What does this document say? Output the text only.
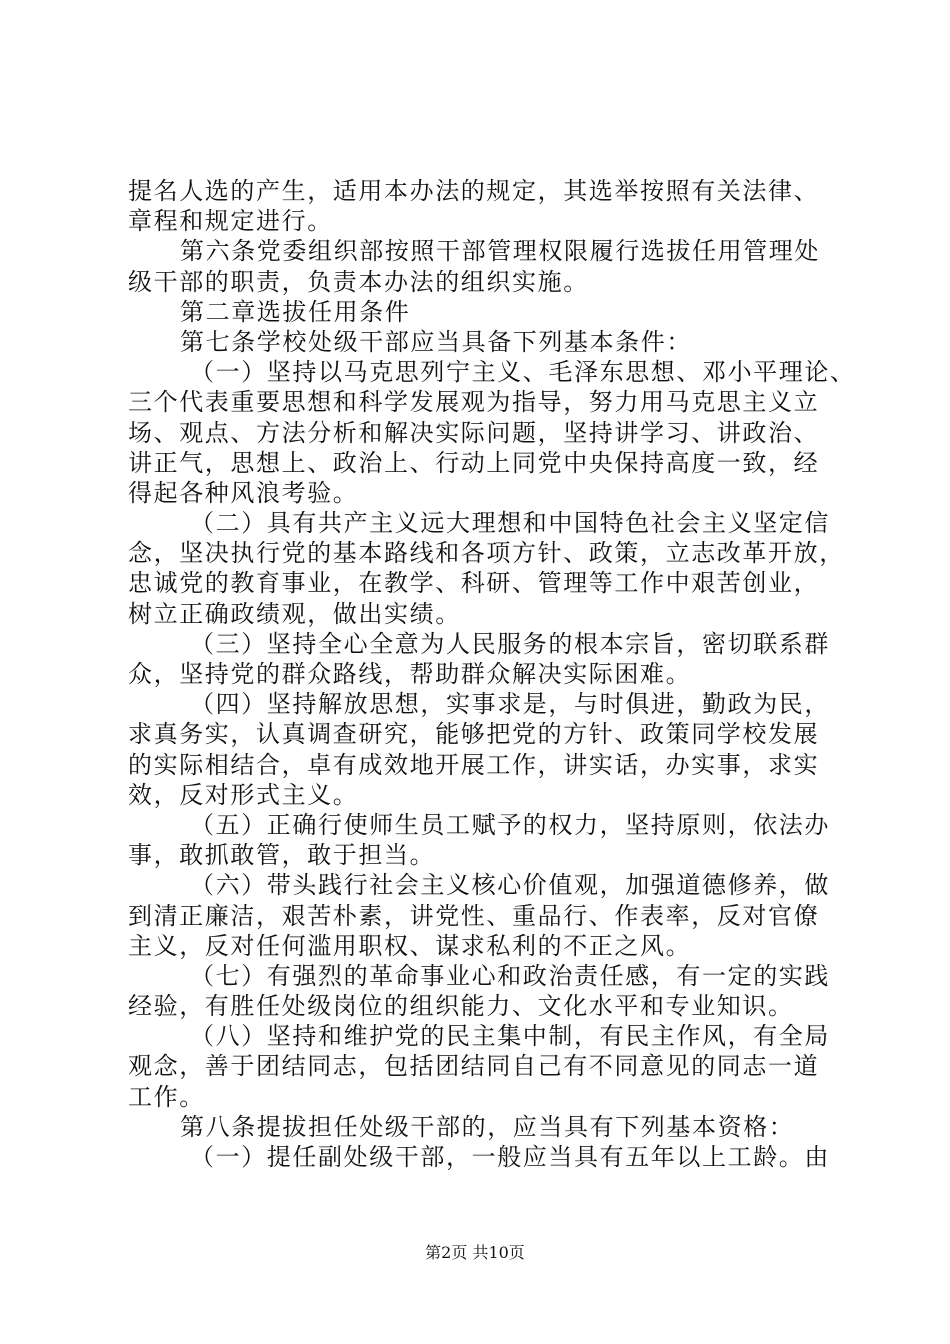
提名人选的产生，适用本办法的规定，其选举按照有关法律、
章程和规定进行。
第六条党委组织部按照干部管理权限履行选拔任用管理处
级干部的职责，负责本办法的组织实施。
第二章选拔任用条件
第七条学校处级干部应当具备下列基本条件：
（一）坚持以马克思列宁主义、毛泽东思想、邓小平理论、
三个代表重要思想和科学发展观为指导，努力用马克思主义立
场、观点、方法分析和解决实际问题，坚持讲学习、讲政治、
讲正气，思想上、政治上、行动上同党中央保持高度一致，经
得起各种风浪考验。
（二）具有共产主义远大理想和中国特色社会主义坚定信
念，坚决执行党的基本路线和各项方针、政策，立志改革开放，
忠诚党的教育事业，在教学、科研、管理等工作中艰苦创业，
树立正确政绩观，做出实绩。
（三）坚持全心全意为人民服务的根本宗旨，密切联系群
众，坚持党的群众路线，帮助群众解决实际困难。
（四）坚持解放思想，实事求是，与时俱进，勤政为民，
求真务实，认真调查研究，能够把党的方针、政策同学校发展
的实际相结合，卓有成效地开展工作，讲实话，办实事，求实
效，反对形式主义。
（五）正确行使师生员工赋予的权力，坚持原则，依法办
事，敢抓敢管，敢于担当。
（六）带头践行社会主义核心价值观，加强道德修养，做
到清正廉洁，艰苦朴素，讲党性、重品行、作表率，反对官僚
主义，反对任何滥用职权、谋求私利的不正之风。
（七）有强烈的革命事业心和政治责任感，有一定的实践
经验，有胜任处级岗位的组织能力、文化水平和专业知识。
（八）坚持和维护党的民主集中制，有民主作风，有全局
观念，善于团结同志，包括团结同自己有不同意见的同志一道
工作。
第八条提拔担任处级干部的，应当具有下列基本资格：
（一）提任副处级干部，一般应当具有五年以上工龄。由
第2页 共10页
